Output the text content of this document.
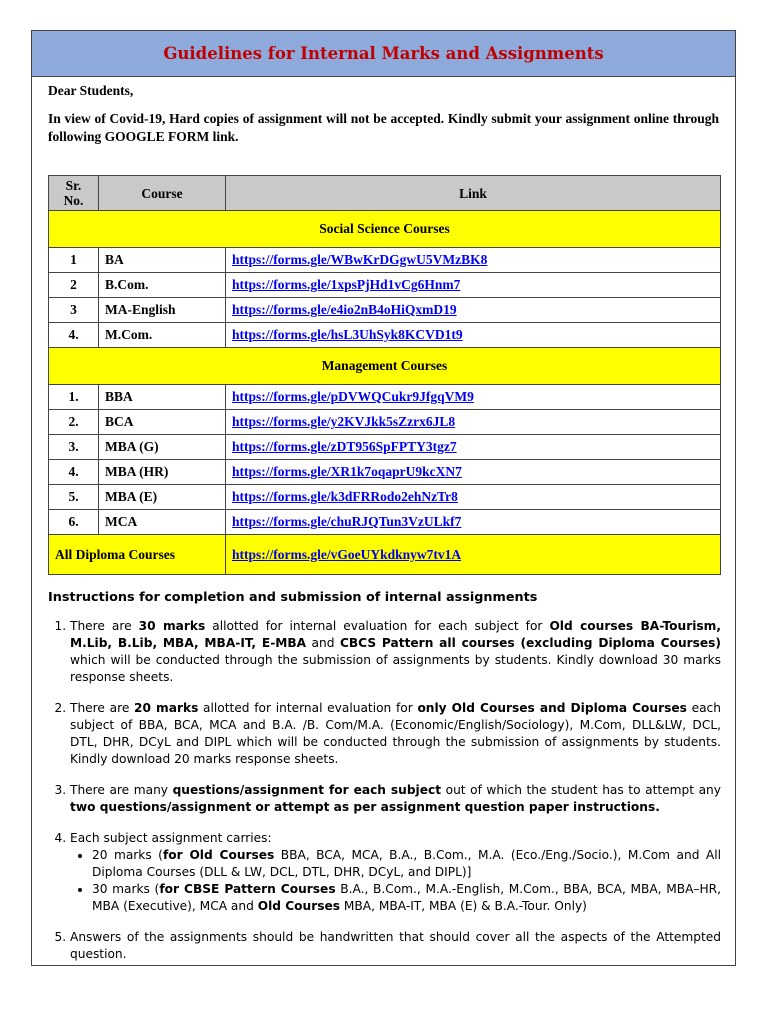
Guidelines for Internal Marks and Assignments

Dear Students,

In view of Covid-19, Hard copies of assignment will not be accepted. Kindly submit your assignment online through following GOOGLE FORM link.

Sr. No.	Course	Link
Social Science Courses		
1	BA	https://forms.gle/WBwKrDGgwU5VMzBK8
2	B.Com.	https://forms.gle/1xpsPjHd1vCg6Hnm7
3	MA-English	https://forms.gle/e4io2nB4oHiQxmD19
4.	M.Com.	https://forms.gle/hsL3UhSyk8KCVD1t9
Management Courses		
1.	BBA	https://forms.gle/pDVWQCukr9JfgqVM9
2.	BCA	https://forms.gle/y2KVJkk5sZzrx6JL8
3.	MBA (G)	https://forms.gle/zDT956SpFPTY3tgz7
4.	MBA (HR)	https://forms.gle/XR1k7oqaprU9kcXN7
5.	MBA (E)	https://forms.gle/k3dFRRodo2ehNzTr8
6.	MCA	https://forms.gle/chuRJQTun3VzULkf7
All Diploma Courses		https://forms.gle/vGoeUYkdknyw7tv1A

Instructions for completion and submission of internal assignments

1. There are 30 marks allotted for internal evaluation for each subject for Old courses BA-Tourism, M.Lib, B.Lib, MBA, MBA-IT, E-MBA and CBCS Pattern all courses (excluding Diploma Courses) which will be conducted through the submission of assignments by students. Kindly download 30 marks response sheets.
2. There are 20 marks allotted for internal evaluation for only Old Courses and Diploma Courses each subject of BBA, BCA, MCA and B.A. /B. Com/M.A. (Economic/English/Sociology), M.Com, DLL&LW, DCL, DTL, DHR, DCyL and DIPL which will be conducted through the submission of assignments by students. Kindly download 20 marks response sheets.
3. There are many questions/assignment for each subject out of which the student has to attempt any two questions/assignment or attempt as per assignment question paper instructions.
4. Each subject assignment carries:
• 20 marks (for Old Courses BBA, BCA, MCA, B.A., B.Com., M.A. (Eco./Eng./Socio.), M.Com and All Diploma Courses (DLL & LW, DCL, DTL, DHR, DCyL, and DIPL)]
• 30 marks (for CBSE Pattern Courses B.A., B.Com., M.A.-English, M.Com., BBA, BCA, MBA, MBA–HR, MBA (Executive), MCA and Old Courses MBA, MBA-IT, MBA (E) & B.A.-Tour. Only)
5. Answers of the assignments should be handwritten that should cover all the aspects of the Attempted question.
